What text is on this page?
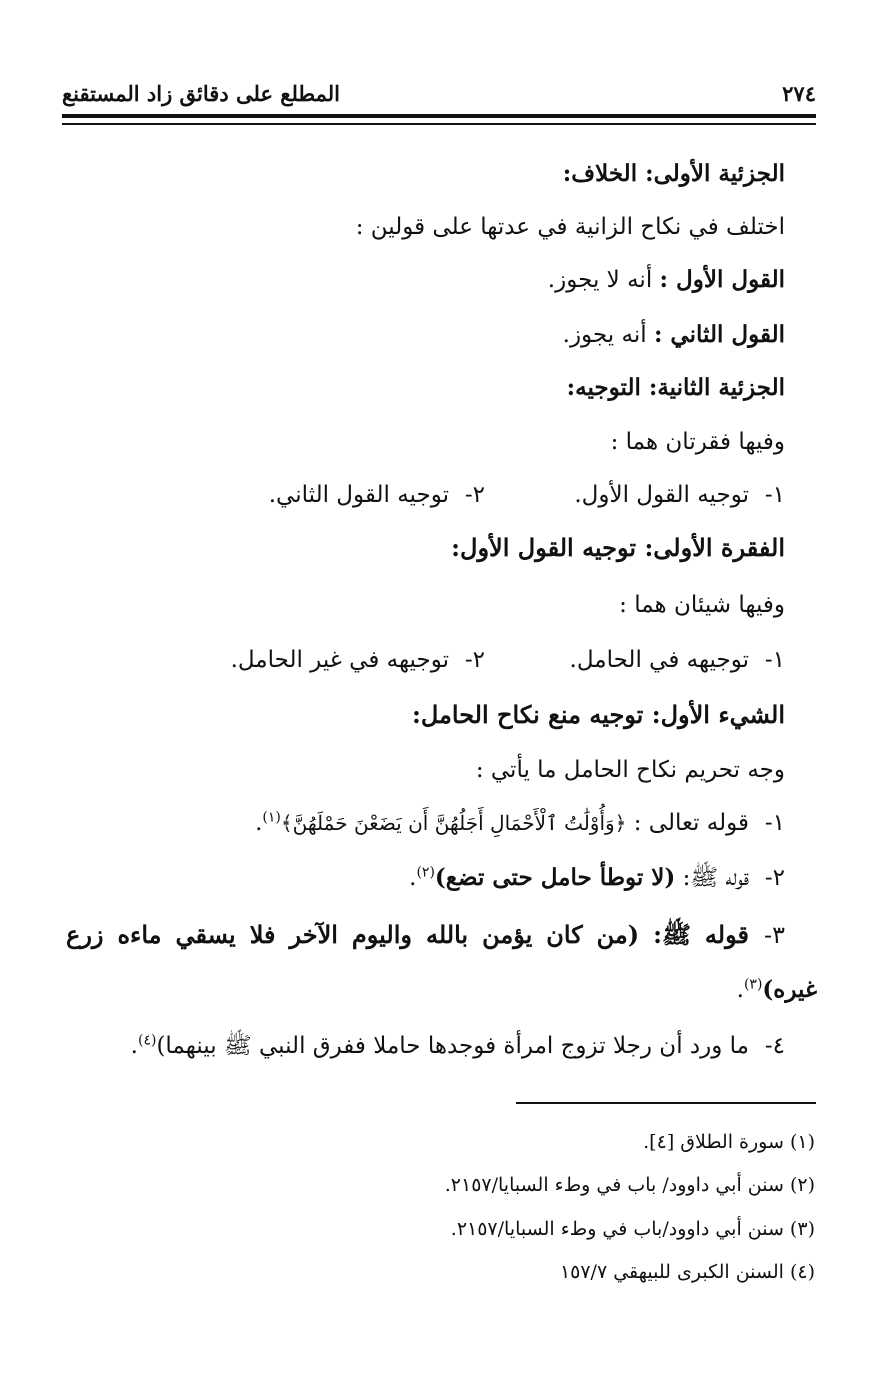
٢٧٤
المطلع على دقائق زاد المستقنع
الجزئية الأولى: الخلاف:
اختلف في نكاح الزانية في عدتها على قولين :
القول الأول : أنه لا يجوز.
القول الثاني : أنه يجوز.
الجزئية الثانية: التوجيه:
وفيها فقرتان هما :
١-توجيه القول الأول.
٢-توجيه القول الثاني.
الفقرة الأولى: توجيه القول الأول:
وفيها شيئان هما :
١-توجيهه في الحامل.
٢-توجيهه في غير الحامل.
الشيء الأول: توجيه منع نكاح الحامل:
وجه تحريم نكاح الحامل ما يأتي :
١-قوله تعالى : ﴿وَأُوْلَٰتُ ٱلْأَحْمَالِ أَجَلُهُنَّ أَن يَضَعْنَ حَمْلَهُنَّ﴾$^{(١)}$.
٢-قوله ﷺ: (لا توطأ حامل حتى تضع)$^{(٢)}$.
٣-قوله ﷺ: (من كان يؤمن بالله واليوم الآخر فلا يسقي ماءه زرع
غيره)$^{(٣)}$.
٤-ما ورد أن رجلا تزوج امرأة فوجدها حاملا ففرق النبي ﷺ بينهما)$^{(٤)}$.
(١) سورة الطلاق [٤].
(٢) سنن أبي داوود/ باب في وطء السبايا/٢١٥٧.
(٣) سنن أبي داوود/باب في وطء السبايا/٢١٥٧.
(٤) السنن الكبرى للبيهقي ١٥٧/٧
